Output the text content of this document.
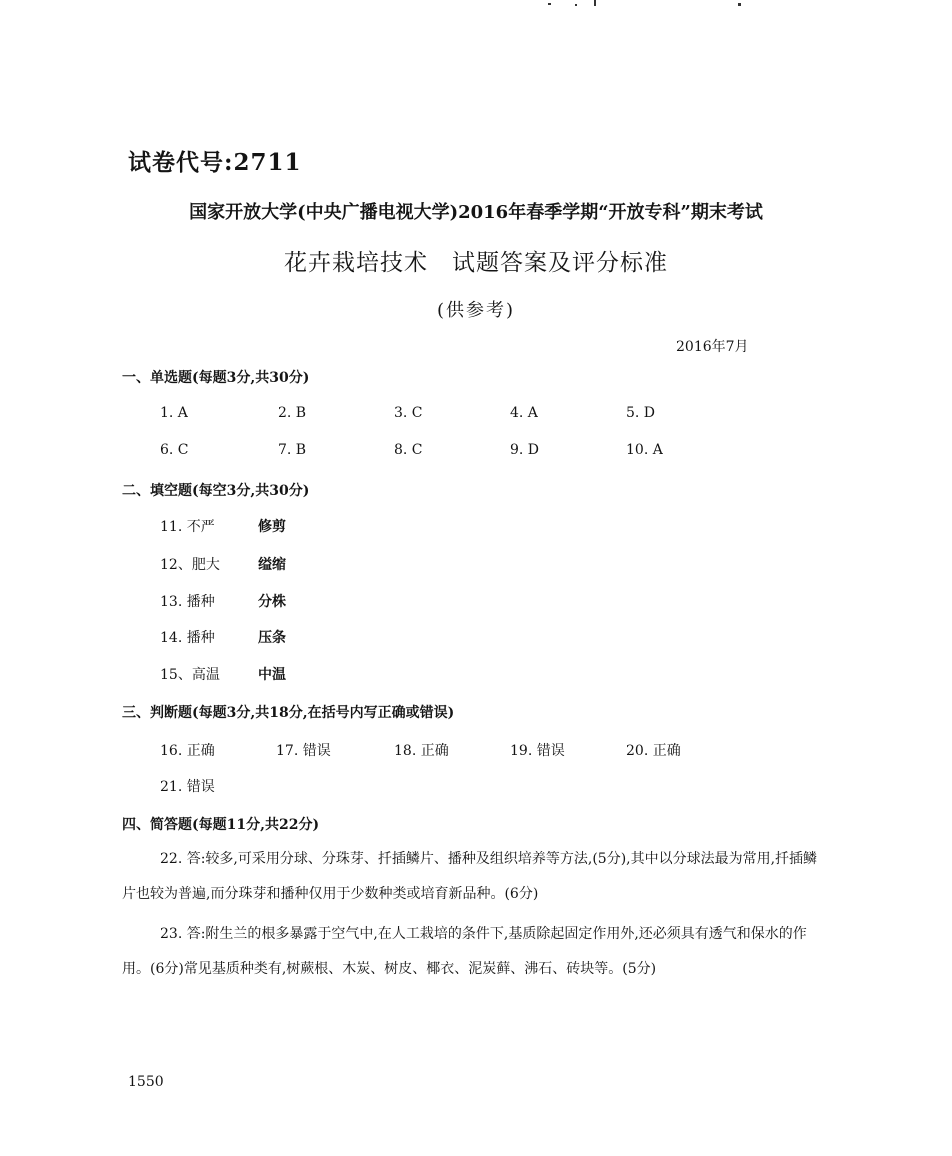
试卷代号:2711
国家开放大学(中央广播电视大学)2016年春季学期“开放专科”期末考试
花卉栽培技术　试题答案及评分标准
(供参考)
2016年7月
一、单选题(每题3分,共30分)
1. A	2. B	3. C	4. A	5. D
6. C	7. B	8. C	9. D	10. A
二、填空题(每空3分,共30分)
11. 不严	修剪
12、肥大	缢缩
13. 播种	分株
14. 播种	压条
15、高温	中温
三、判断题(每题3分,共18分,在括号内写正确或错误)
16. 正确	17. 错误	18. 正确	19. 错误	20. 正确
21. 错误
四、简答题(每题11分,共22分)
22. 答:较多,可采用分球、分珠芽、扦插鳞片、播种及组织培养等方法,(5分),其中以分球法最为常用,扦插鳞片也较为普遍,而分珠芽和播种仅用于少数种类或培育新品种。(6分)
23. 答:附生兰的根多暴露于空气中,在人工栽培的条件下,基质除起固定作用外,还必须具有透气和保水的作用。(6分)常见基质种类有,树蕨根、木炭、树皮、椰衣、泥炭藓、沸石、砖块等。(5分)
1550
